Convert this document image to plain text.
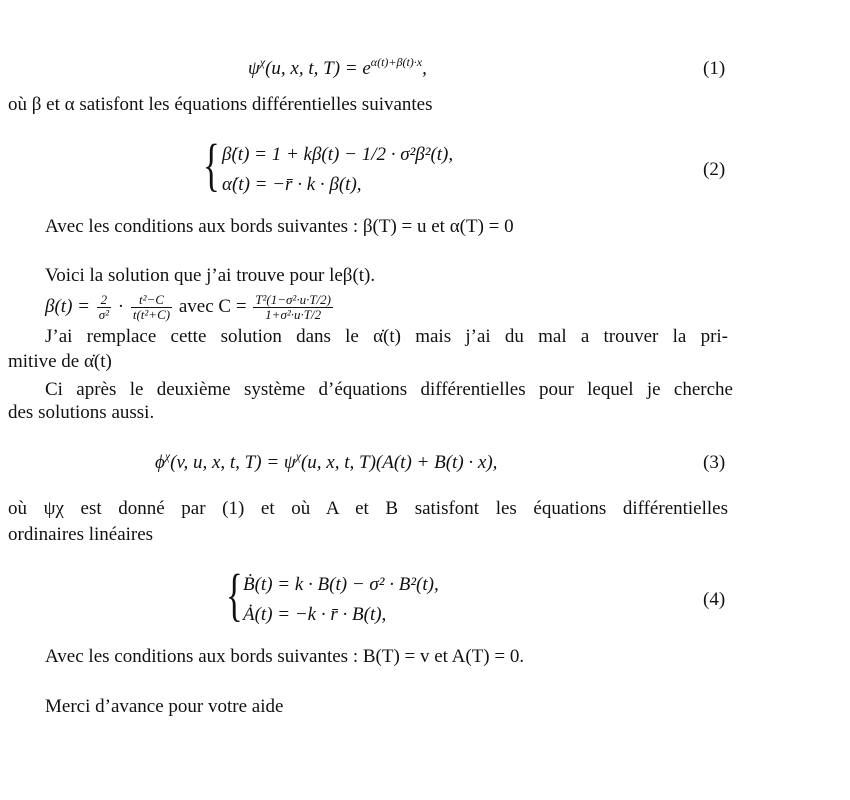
$\psi^\chi(u$, x, t, $T) = e^{\alpha(t)+\beta(t)\cdot x}$,	(1)
où β et α satisfont les équations différentielles suivantes
{ β̇(t) = 1 + kβ(t) − 1/2 · σ²β²(t),
α̇(t) = −r̄ · k · β(t),
(2)
Avec les conditions aux bords suivantes : β(T) = u et α(T) = 0
Voici la solution que j’ai trouve pour leβ(t).
$\beta(t) = \frac{2}{\text{σ²}} \cdot \frac{\text{t²−C}}{\text{t(t²+C)}}$ avec $C = \frac{\text{T²(1−σ²·u·T/2)}}{\text{1+σ²·u·T/2}}$
J’ai remplace cette solution dans le α̇(t) mais j’ai du mal a trouver la pri-
mitive de α̇(t)
Ci après le deuxième système d’équations différentielles pour lequel je cherche
des solutions aussi.
$\phi^\chi(v$, u, x, t, $T) = \psi^\chi(u$, x, t, T)(A(t) + B(t) · x),	(3)
où ψχ est donné par (1) et où A et B satisfont les équations différentielles
ordinaires linéaires
{ Ḃ(t) = k · B(t) − σ² · B²(t),
Ȧ(t) = −k · r̄ · B(t),
(4)
Avec les conditions aux bords suivantes : B(T) = v et A(T) = 0.
Merci d’avance pour votre aide
